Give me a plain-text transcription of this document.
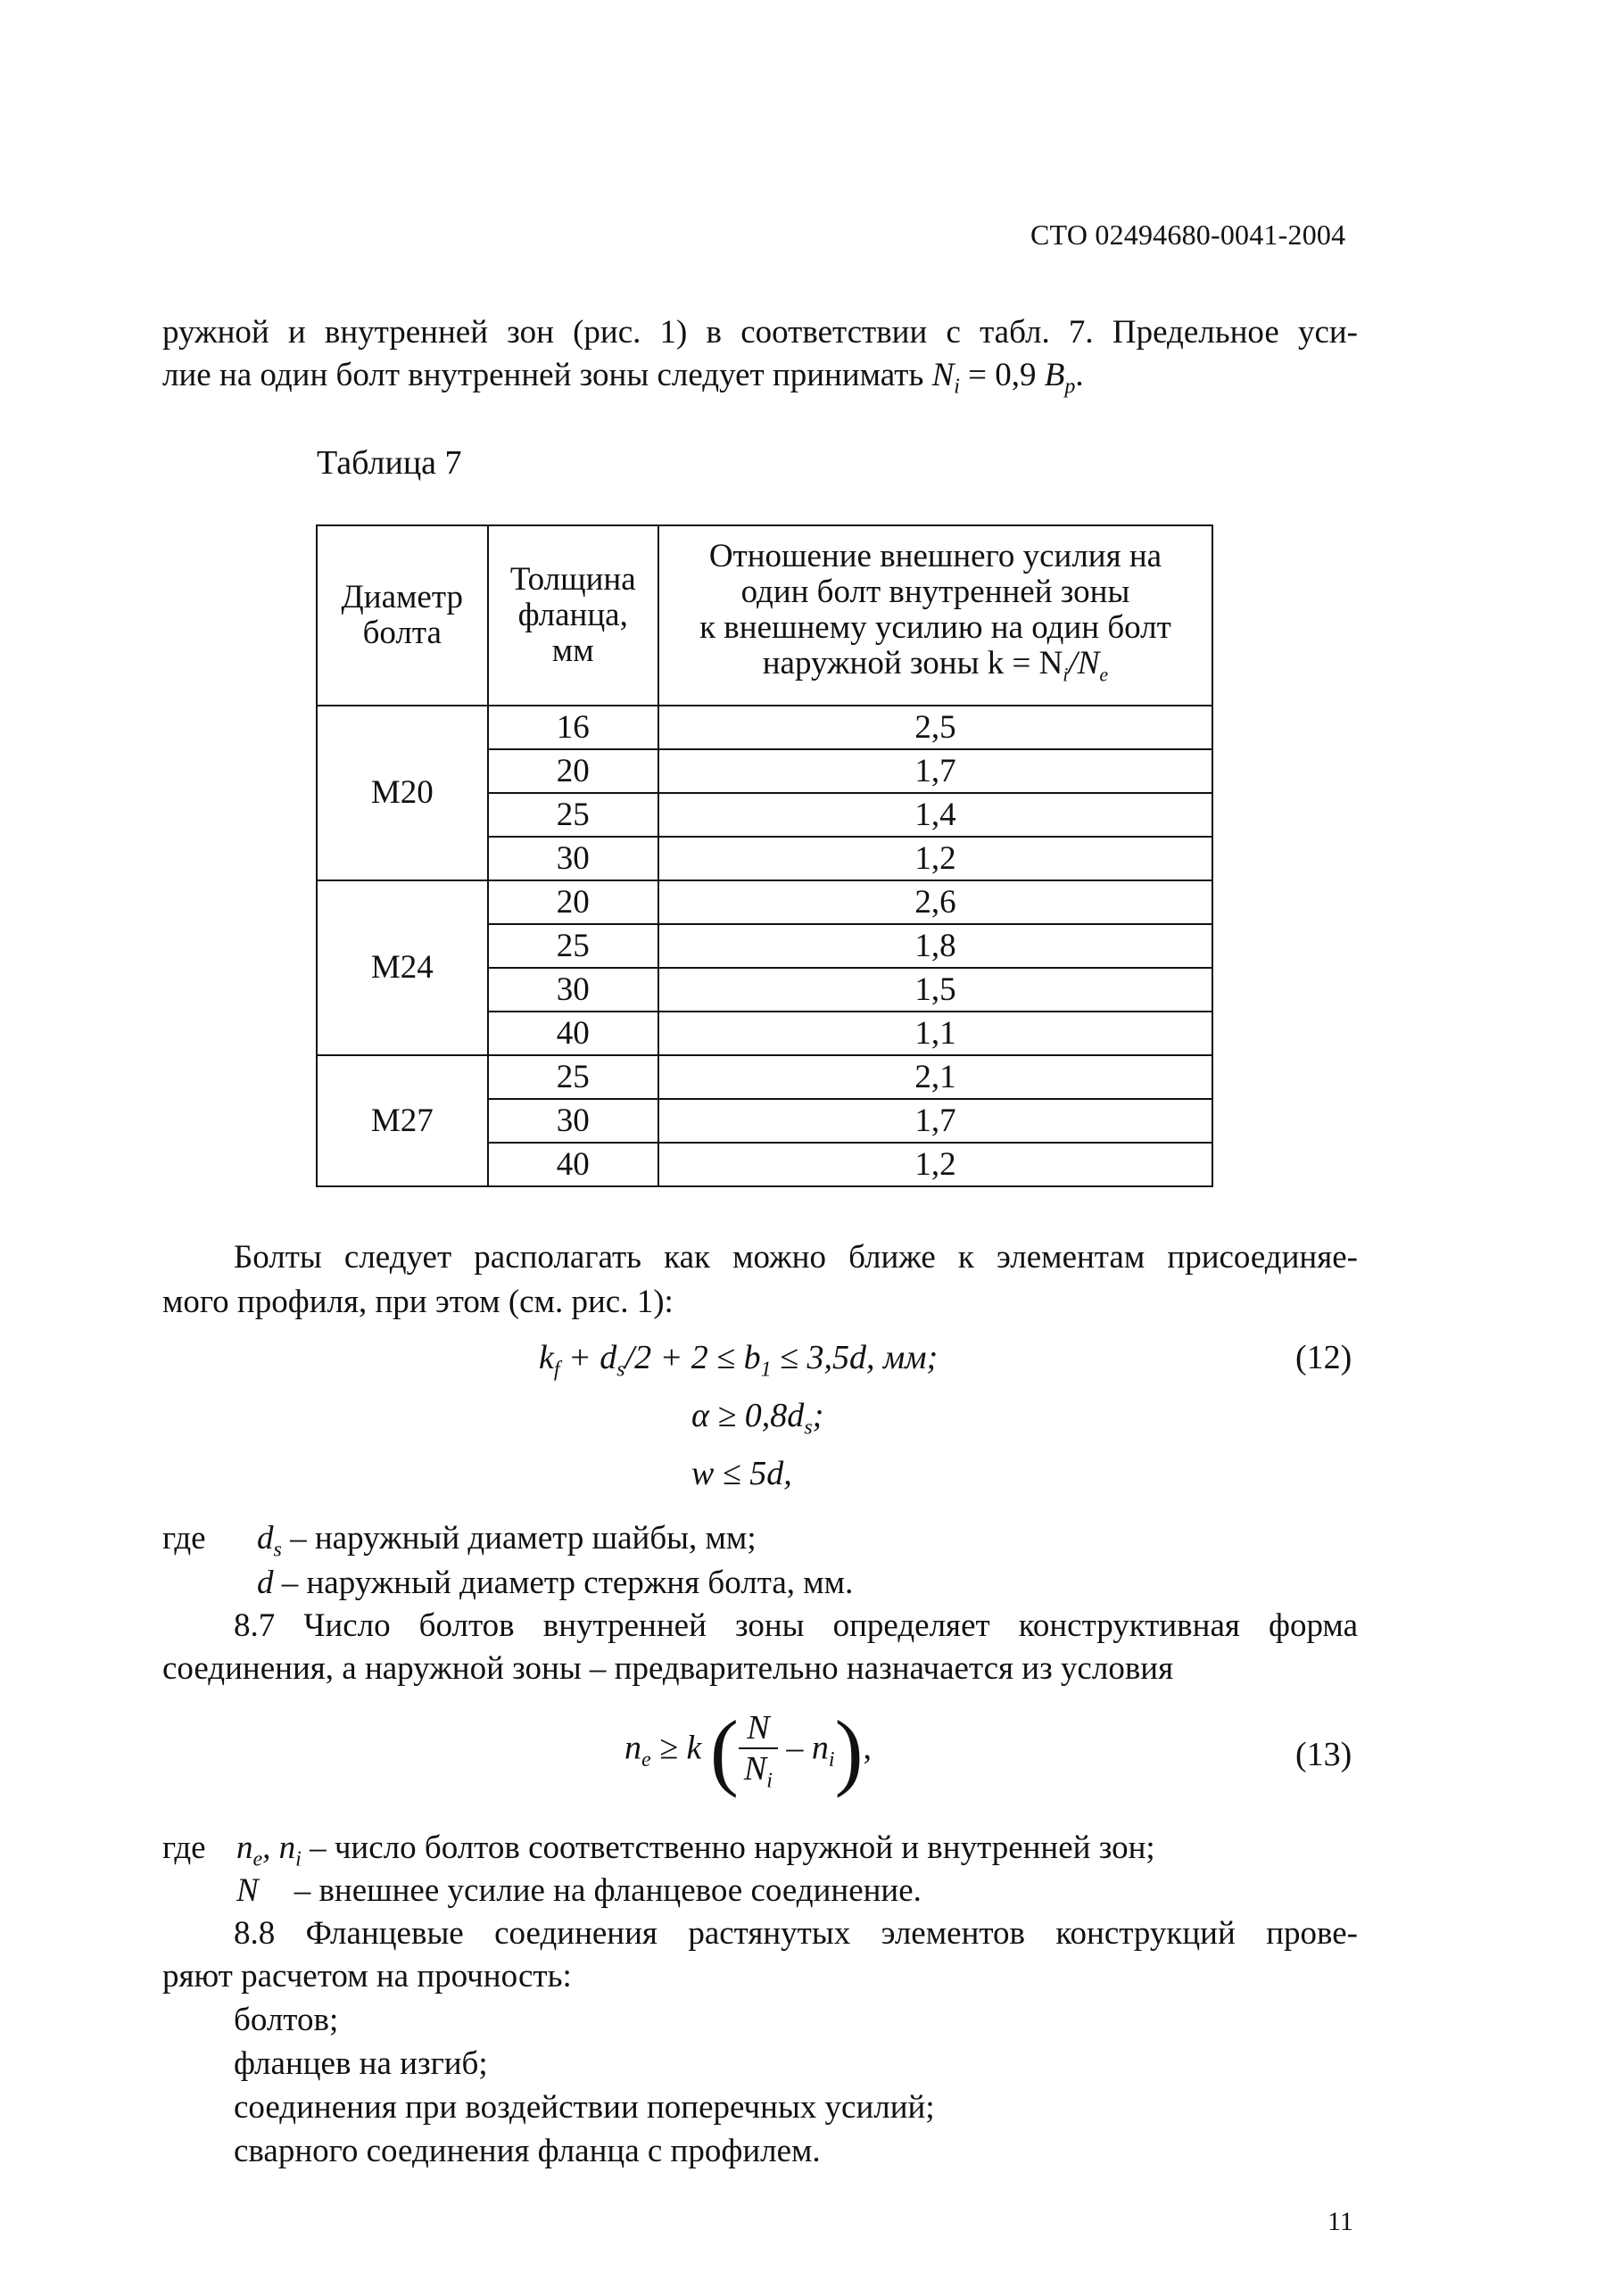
СТО 02494680-0041-2004
ружной и внутренней зон (рис. 1) в соответствии с табл. 7. Предельное уси-
лие на один болт внутренней зоны следует принимать $N_i = 0,9$ $B_p$.
Таблица 7
Диаметр болта	Толщина фланца, мм	Отношение внешнего усилия на
один болт внутренней зоны
к внешнему усилию на один болт
наружной зоны $k = N_i/N_e$

М20	16	2,5
	20	1,7
	25	1,4
	30	1,2
М24	20	2,6
	25	1,8
	30	1,5
	40	1,1
М27	25	2,1
	30	1,7
	40	1,2
Болты следует располагать как можно ближе к элементам присоединяе-
мого профиля, при этом (см. рис. 1):
$k_f + d_s/2 + 2 \le b_1 \le 3,5d$, мм;	(12)
$\alpha \ge 0,8d_s$;
w ≤ 5d,
где $d_s$ – наружный диаметр шайбы, мм;
d – наружный диаметр стержня болта, мм.
8.7 Число болтов внутренней зоны определяет конструктивная форма
соединения, а наружной зоны – предварительно назначается из условия
$n_e \ge k$ ( $\frac{N}{N_i} - n_i$),	(13)
где $n_e$, $n_i$ – число болтов соответственно наружной и внутренней зон;
N – внешнее усилие на фланцевое соединение.
8.8 Фланцевые соединения растянутых элементов конструкций прове-
ряют расчетом на прочность:
болтов;
фланцев на изгиб;
соединения при воздействии поперечных усилий;
сварного соединения фланца с профилем.
11
